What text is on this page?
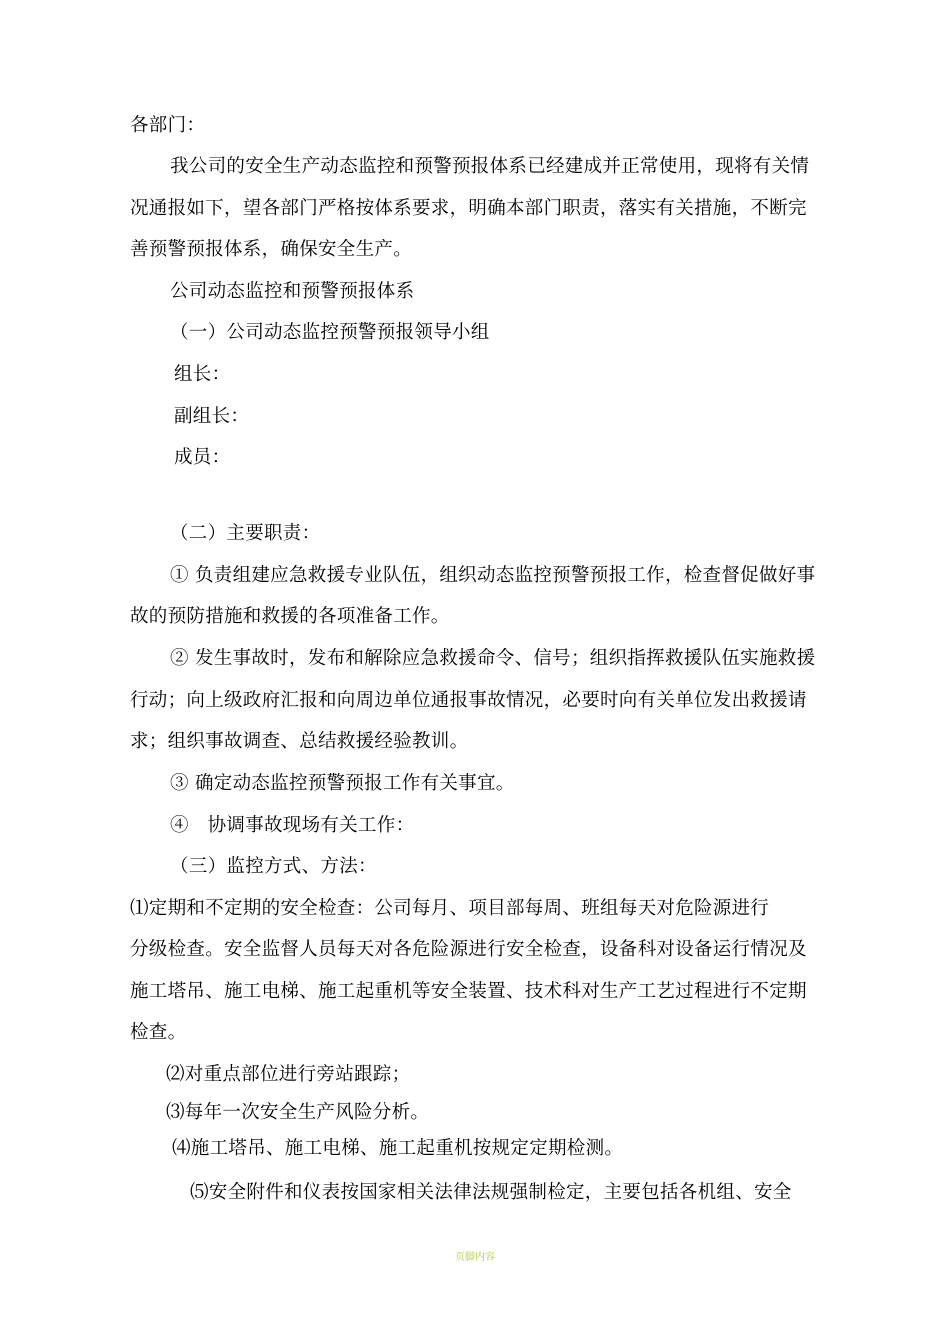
各部门：
我公司的安全生产动态监控和预警预报体系已经建成并正常使用，现将有关情
况通报如下，望各部门严格按体系要求，明确本部门职责，落实有关措施，不断完
善预警预报体系，确保安全生产。
公司动态监控和预警预报体系
（一）公司动态监控预警预报领导小组
组长：
副组长：
成员：
（二）主要职责：
① 负责组建应急救援专业队伍，组织动态监控预警预报工作，检查督促做好事
故的预防措施和救援的各项准备工作。
② 发生事故时，发布和解除应急救援命令、信号；组织指挥救援队伍实施救援
行动；向上级政府汇报和向周边单位通报事故情况，必要时向有关单位发出救援请
求；组织事故调查、总结救援经验教训。
③ 确定动态监控预警预报工作有关事宜。
④　协调事故现场有关工作：
（三）监控方式、方法：
⑴定期和不定期的安全检查：公司每月、项目部每周、班组每天对危险源进行
分级检查。安全监督人员每天对各危险源进行安全检查，设备科对设备运行情况及
施工塔吊、施工电梯、施工起重机等安全装置、技术科对生产工艺过程进行不定期
检查。
⑵对重点部位进行旁站跟踪；
⑶每年一次安全生产风险分析。
⑷施工塔吊、施工电梯、施工起重机按规定定期检测。
⑸安全附件和仪表按国家相关法律法规强制检定，主要包括各机组、安全
页脚内容
